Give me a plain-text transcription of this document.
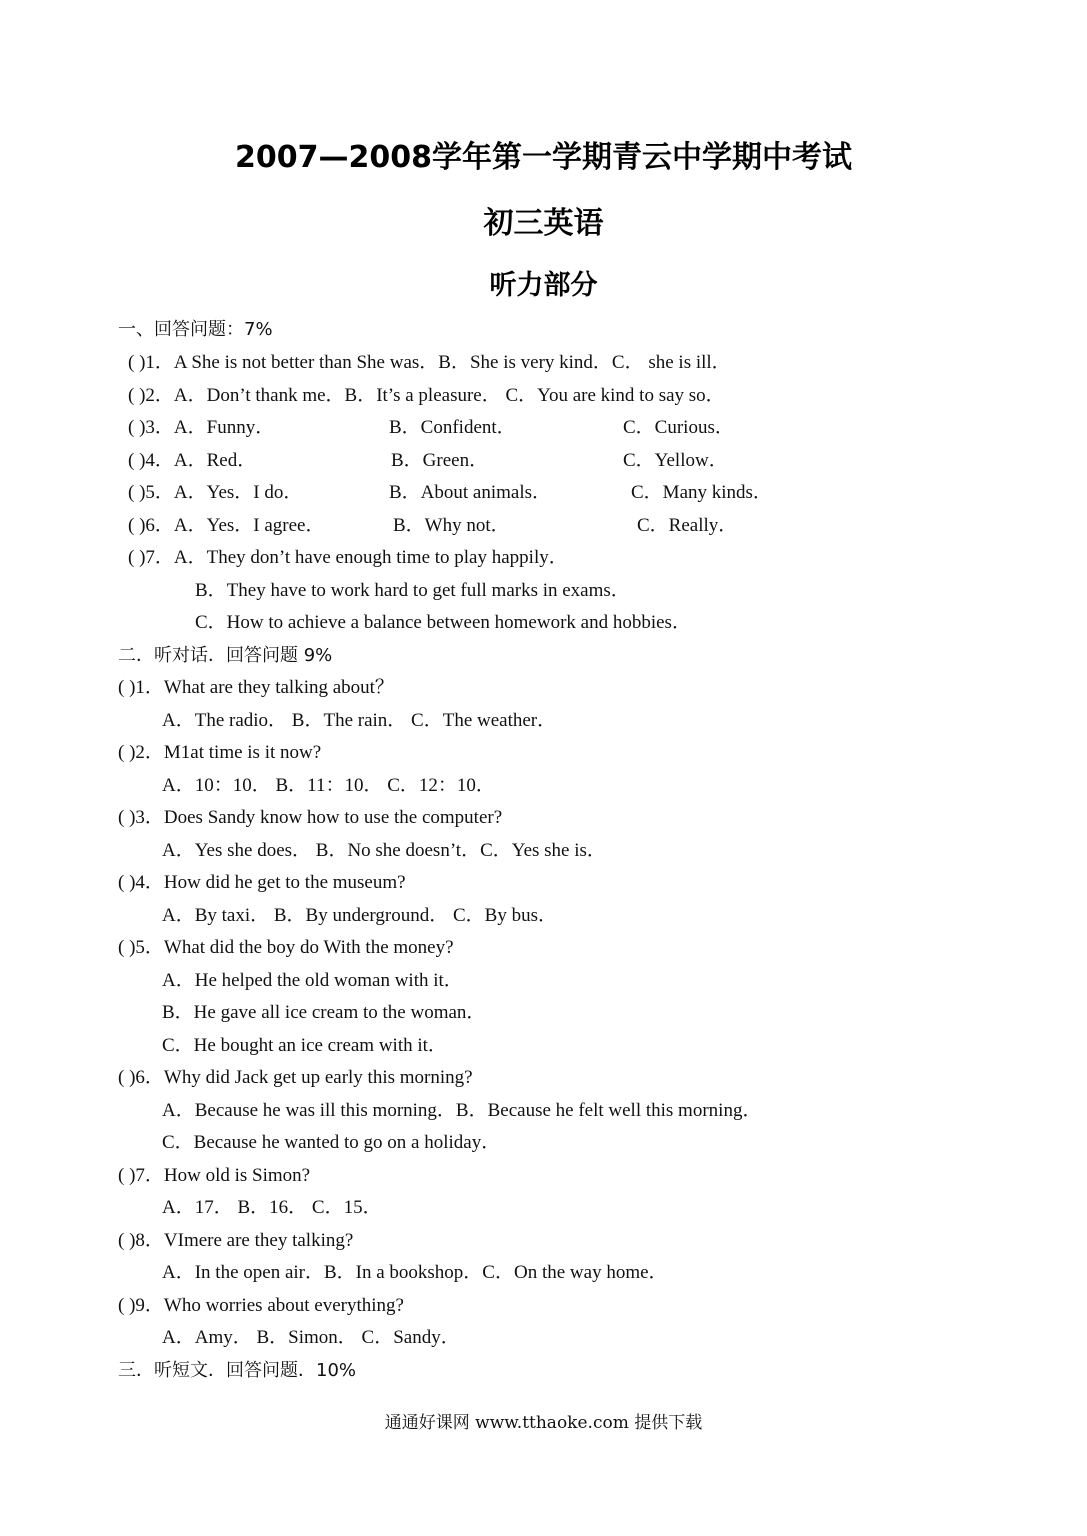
2007—2008学年第一学期青云中学期中考试
初三英语
听力部分
一、回答问题：7%
( )1．A She is not better than She was．B．She is very kind．C． she is ill．
( )2．A．Don’t thank me．B．It’s a pleasure． C．You are kind to say so．
( )3．A．Funny．	B．Confident．	C．Curious．
( )4．A．Red．	B．Green．	C．Yellow．
( )5．A．Yes．I do．	B．About animals．	C．Many kinds．
( )6．A．Yes．I agree．	B．Why not．	C．Really．
( )7．A．They don’t have enough time to play happily．
B．They have to work hard to get full marks in exams．
C．How to achieve a balance between homework and hobbies．
二．听对话．回答问题 9%
( )1．What are they talking about？
A．The radio． B．The rain． C．The weather．
( )2．M1at time is it now?
A．10：10． B．11：10． C．12：10．
( )3．Does Sandy know how to use the computer?
A．Yes she does． B．No she doesn’t．C．Yes she is．
( )4．How did he get to the museum?
A．By taxi． B．By underground． C．By bus．
( )5．What did the boy do With the money?
A．He helped the old woman with it．
B．He gave all ice cream to the woman．
C．He bought an ice cream with it．
( )6．Why did Jack get up early this morning?
A．Because he was ill this morning．B．Because he felt well this morning．
C．Because he wanted to go on a holiday．
( )7．How old is Simon?
A．17． B．16． C．15．
( )8．VImere are they talking?
A．In the open air．B．In a bookshop．C．On the way home．
( )9．Who worries about everything?
A．Amy． B．Simon． C．Sandy．
三．听短文．回答问题．10%
通通好课网 www.tthaoke.com 提供下载
